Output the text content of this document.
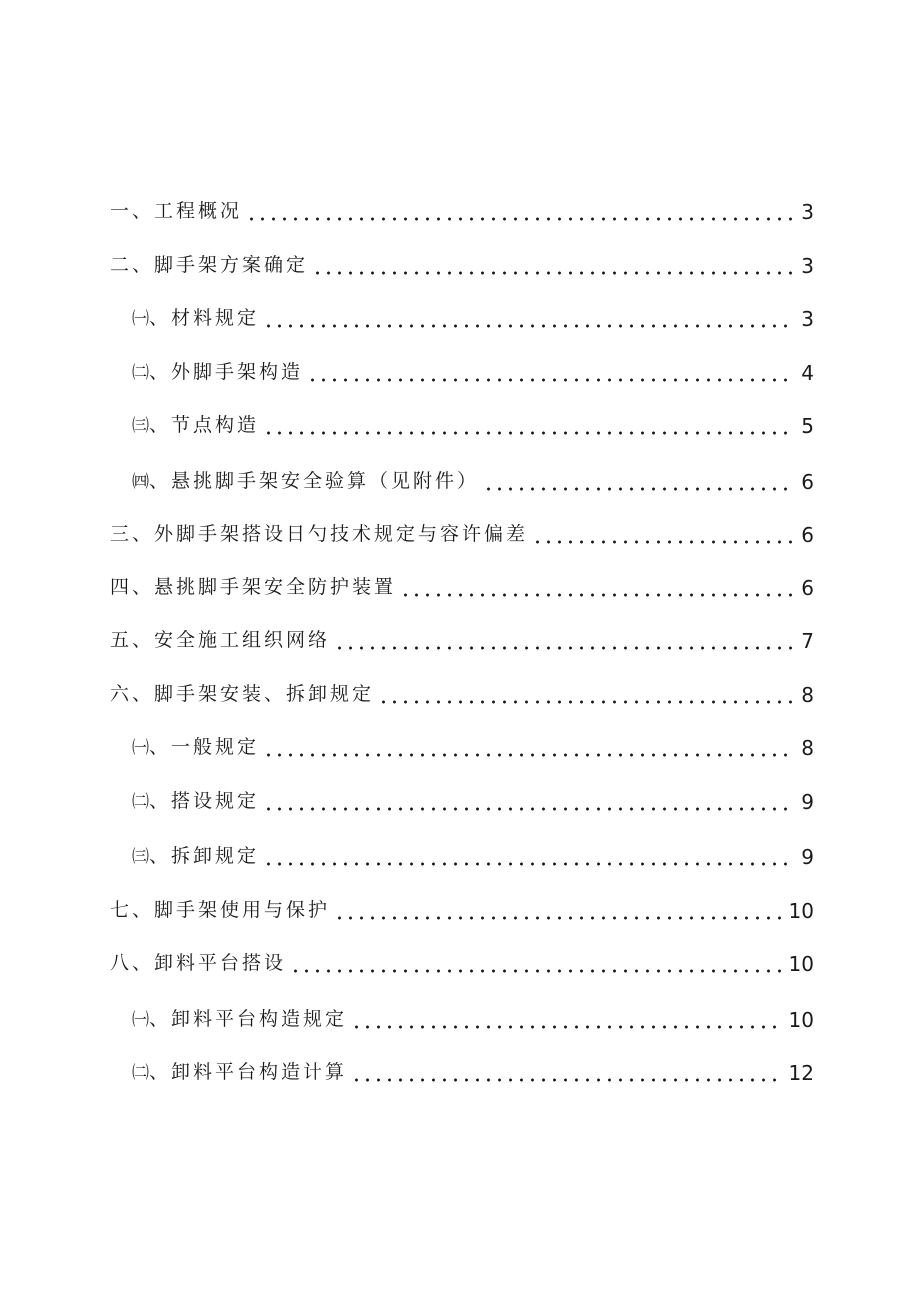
一、工程概况	3
二、脚手架方案确定	3
㈠、材料规定	3
㈡、外脚手架构造	4
㈢、节点构造	5
㈣、悬挑脚手架安全验算（见附件）	6
三、外脚手架搭设日勺技术规定与容许偏差	6
四、悬挑脚手架安全防护装置	6
五、安全施工组织网络	7
六、脚手架安装、拆卸规定	8
㈠、一般规定	8
㈡、搭设规定	9
㈢、拆卸规定	9
七、脚手架使用与保护	10
八、卸料平台搭设	10
㈠、卸料平台构造规定	10
㈡、卸料平台构造计算	12
